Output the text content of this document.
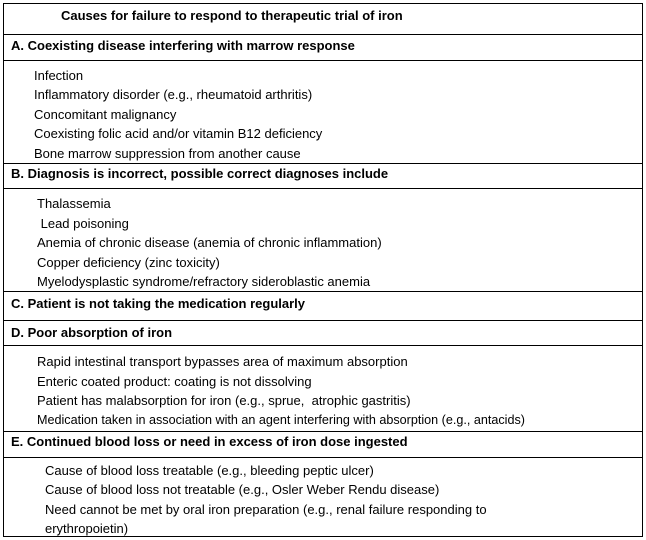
Causes for failure to respond to therapeutic trial of iron
A. Coexisting disease interfering with marrow response
Infection
Inflammatory disorder (e.g., rheumatoid arthritis)
Concomitant malignancy
Coexisting folic acid and/or vitamin B12 deficiency
Bone marrow suppression from another cause
B. Diagnosis is incorrect, possible correct diagnoses include
Thalassemia
Lead poisoning
Anemia of chronic disease (anemia of chronic inflammation)
Copper deficiency (zinc toxicity)
Myelodysplastic syndrome/refractory sideroblastic anemia
C. Patient is not taking the medication regularly
D. Poor absorption of iron
Rapid intestinal transport bypasses area of maximum absorption
Enteric coated product: coating is not dissolving
Patient has malabsorption for iron (e.g., sprue,  atrophic gastritis)
Medication taken in association with an agent interfering with absorption (e.g., antacids)
E. Continued blood loss or need in excess of iron dose ingested
Cause of blood loss treatable (e.g., bleeding peptic ulcer)
Cause of blood loss not treatable (e.g., Osler Weber Rendu disease)
Need cannot be met by oral iron preparation (e.g., renal failure responding to
erythropoietin)
